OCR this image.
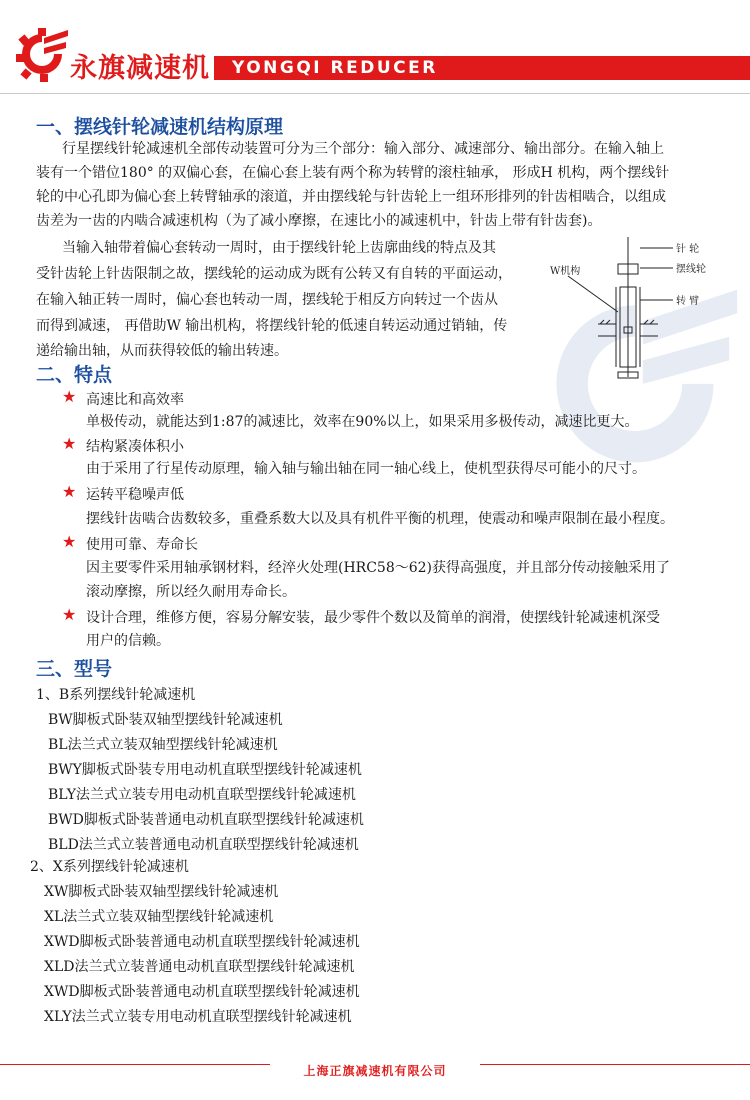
永旗减速机 YONGQI REDUCER
一、摆线针轮减速机结构原理
行星摆线针轮减速机全部传动装置可分为三个部分：输入部分、减速部分、输出部分。在输入轴上
装有一个错位180° 的双偏心套，在偏心套上装有两个称为转臂的滚柱轴承， 形成H 机构，两个摆线针
轮的中心孔即为偏心套上转臂轴承的滚道，并由摆线轮与针齿轮上一组环形排列的针齿相啮合，以组成
齿差为一齿的内啮合减速机构（为了减小摩擦，在速比小的减速机中，针齿上带有针齿套)。
当输入轴带着偏心套转动一周时，由于摆线针轮上齿廓曲线的特点及其
受针齿轮上针齿限制之故，摆线轮的运动成为既有公转又有自转的平面运动，
在输入轴正转一周时，偏心套也转动一周，摆线轮于相反方向转过一个齿从
而得到减速， 再借助W 输出机构，将摆线针轮的低速自转运动通过销轴，传
递给输出轴，从而获得较低的输出转速。
针 轮
W机构	摆线轮
转 臂
二、特点
★ 高速比和高效率
单极传动，就能达到1:87的减速比，效率在90%以上，如果采用多极传动，减速比更大。
★ 结构紧凑体积小
由于采用了行星传动原理，输入轴与输出轴在同一轴心线上，使机型获得尽可能小的尺寸。
★ 运转平稳噪声低
摆线针齿啮合齿数较多，重叠系数大以及具有机件平衡的机理，使震动和噪声限制在最小程度。
★ 使用可靠、寿命长
因主要零件采用轴承钢材料，经淬火处理(HRC58～62)获得高强度，并且部分传动接触采用了
滚动摩擦，所以经久耐用寿命长。
★ 设计合理，维修方便，容易分解安装，最少零件个数以及简单的润滑，使摆线针轮减速机深受
用户的信赖。
三、型号
1、B系列摆线针轮减速机
BW脚板式卧装双轴型摆线针轮减速机
BL法兰式立装双轴型摆线针轮减速机
BWY脚板式卧装专用电动机直联型摆线针轮减速机
BLY法兰式立装专用电动机直联型摆线针轮减速机
BWD脚板式卧装普通电动机直联型摆线针轮减速机
BLD法兰式立装普通电动机直联型摆线针轮减速机
2、X系列摆线针轮减速机
XW脚板式卧装双轴型摆线针轮减速机
XL法兰式立装双轴型摆线针轮减速机
XWD脚板式卧装普通电动机直联型摆线针轮减速机
XLD法兰式立装普通电动机直联型摆线针轮减速机
XWD脚板式卧装普通电动机直联型摆线针轮减速机
XLY法兰式立装专用电动机直联型摆线针轮减速机
上海正旗减速机有限公司
